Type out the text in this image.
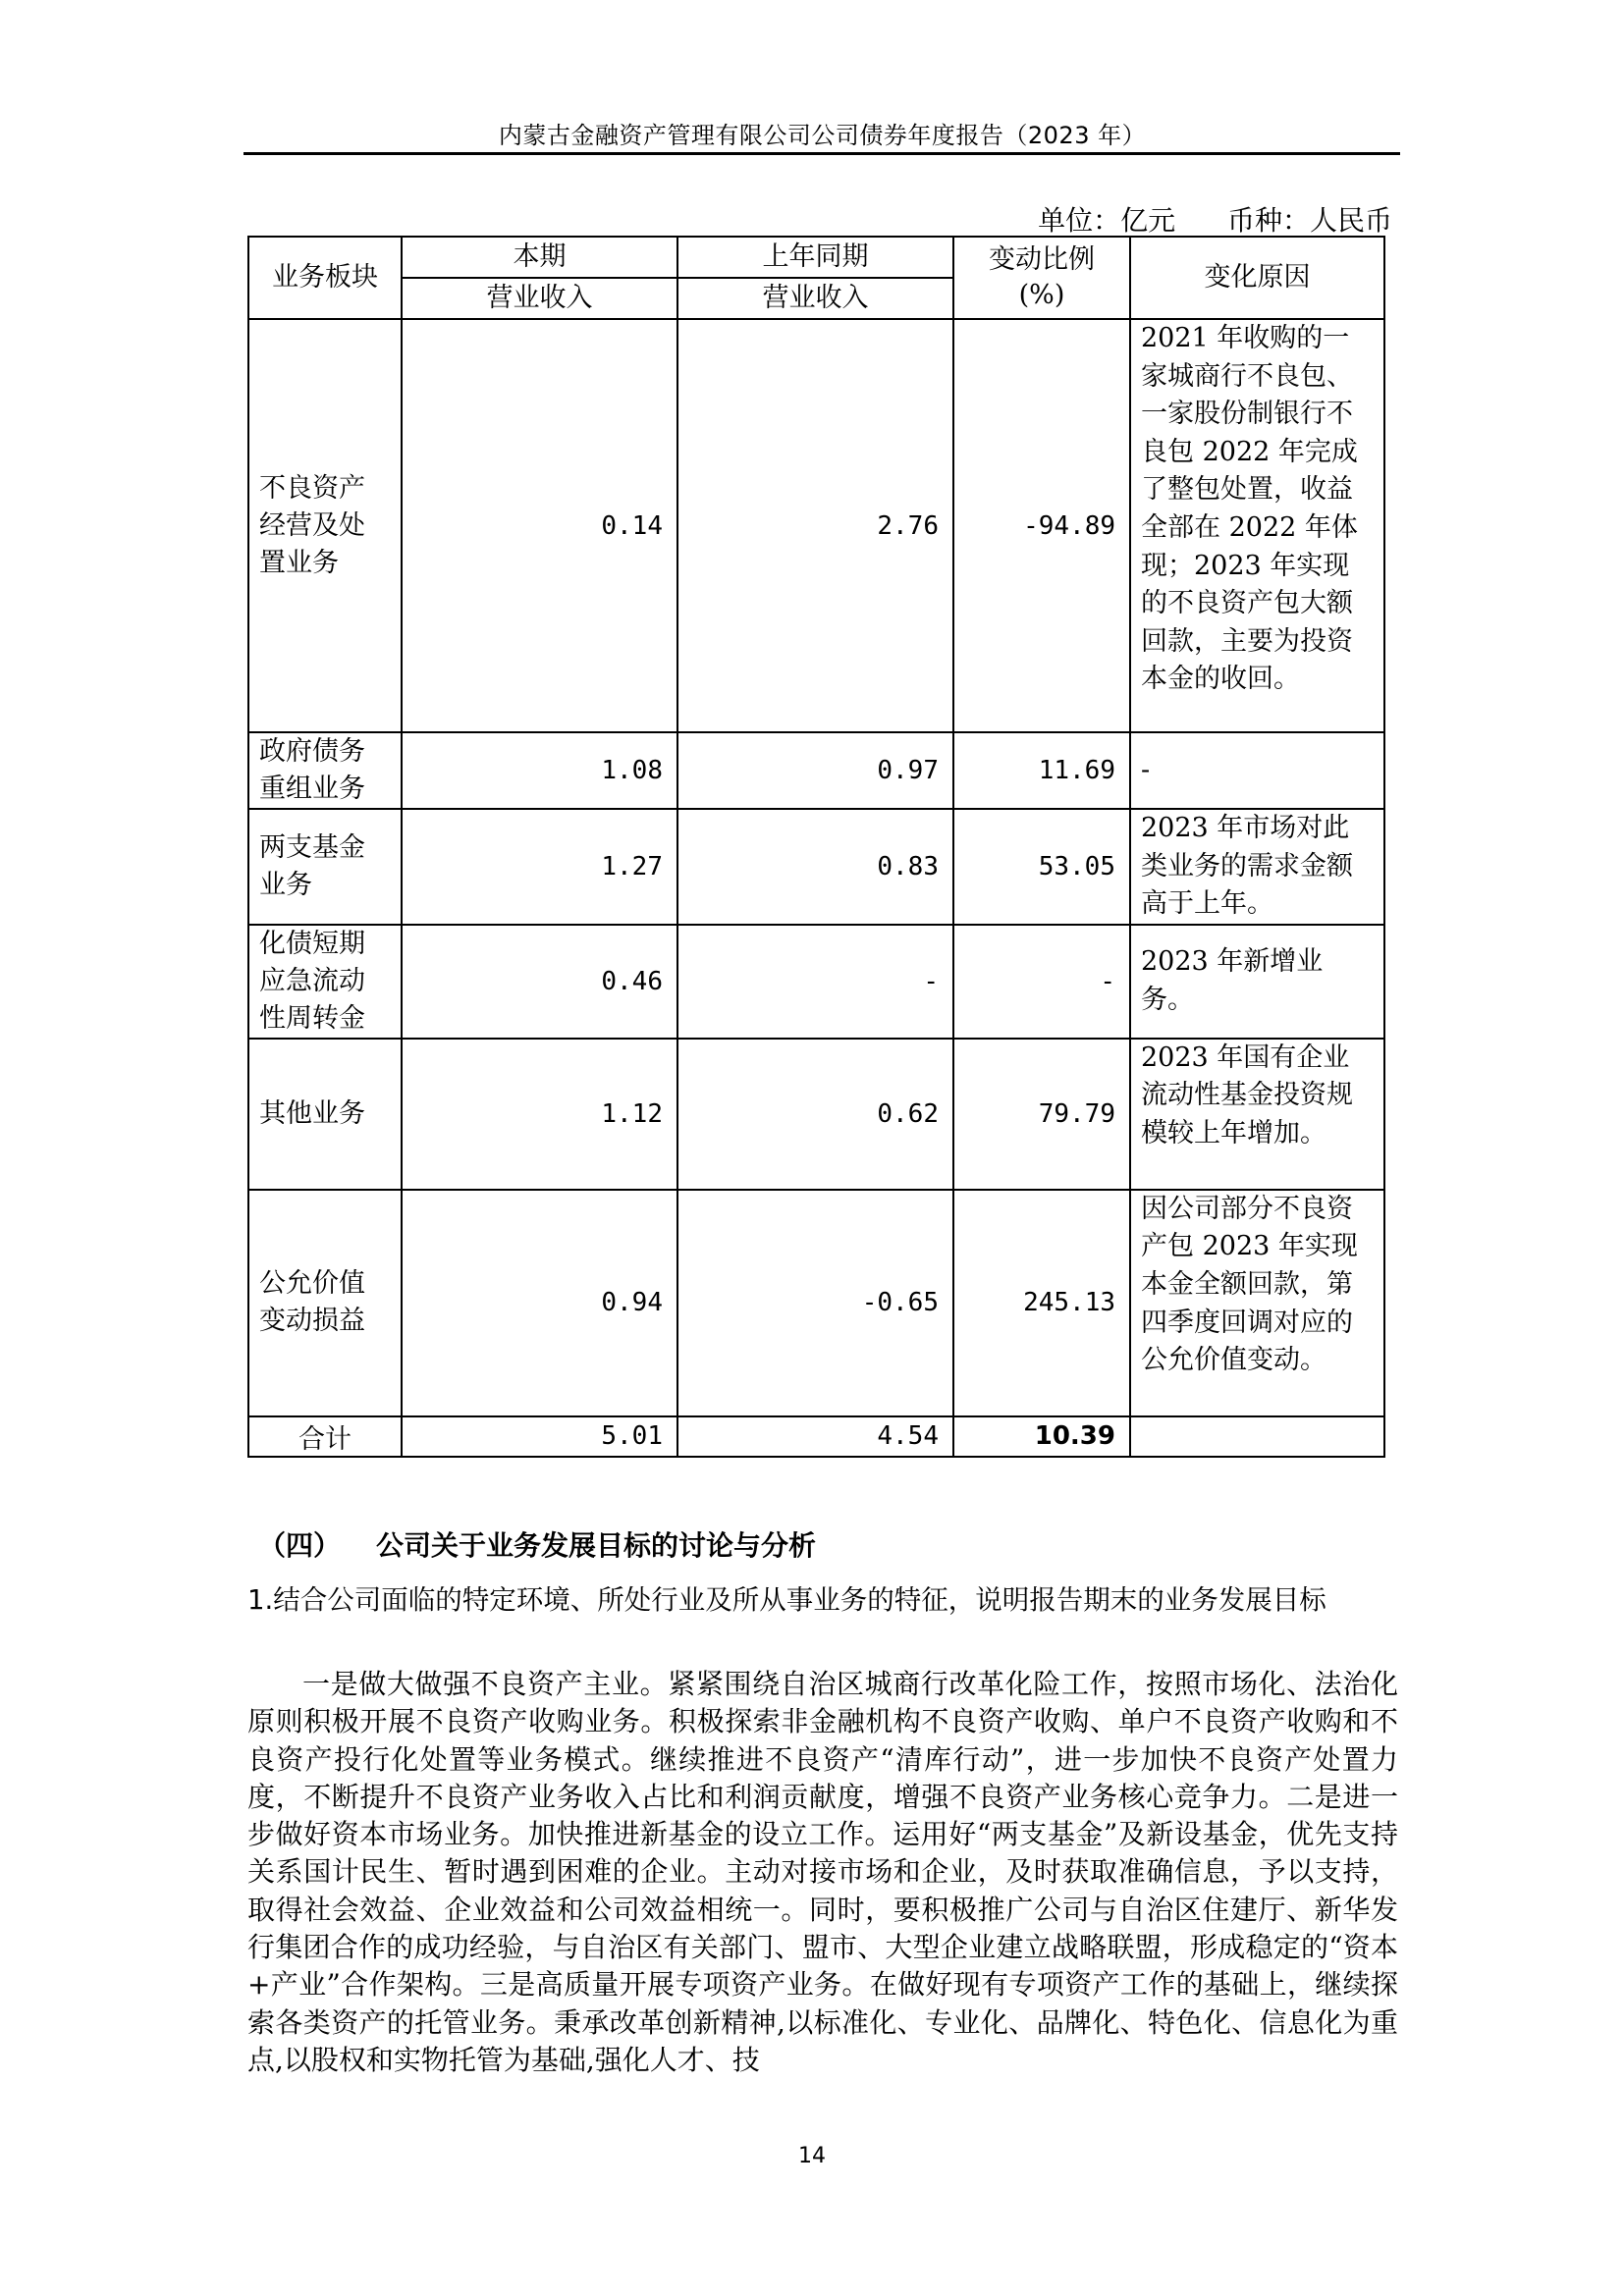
内蒙古金融资产管理有限公司公司债券年度报告（2023 年）
单位：亿元 币种：人民币
业务板块	本期	上年同期	变动比例(%)	变化原因
	营业收入	营业收入		
不良资产经营及处置业务	0.14	2.76	-94.89	2021 年收购的一家城商行不良包、一家股份制银行不良包 2022 年完成了整包处置，收益全部在 2022 年体现；2023 年实现的不良资产包大额回款，主要为投资本金的收回。
政府债务重组业务	1.08	0.97	11.69	-
两支基金业务	1.27	0.83	53.05	2023 年市场对此类业务的需求金额高于上年。
化债短期应急流动性周转金	0.46	-	-	2023 年新增业务。
其他业务	1.12	0.62	79.79	2023 年国有企业流动性基金投资规模较上年增加。
公允价值变动损益	0.94	-0.65	245.13	因公司部分不良资产包 2023 年实现本金全额回款，第四季度回调对应的公允价值变动。
合计	5.01	4.54	10.39	
（四） 公司关于业务发展目标的讨论与分析
1.结合公司面临的特定环境、所处行业及所从事业务的特征，说明报告期末的业务发展目标
一是做大做强不良资产主业。紧紧围绕自治区城商行改革化险工作，按照市场化、法治化原则积极开展不良资产收购业务。积极探索非金融机构不良资产收购、单户不良资产收购和不良资产投行化处置等业务模式。继续推进不良资产“清库行动”，进一步加快不良资产处置力度，不断提升不良资产业务收入占比和利润贡献度，增强不良资产业务核心竞争力。二是进一步做好资本市场业务。加快推进新基金的设立工作。运用好“两支基金”及新设基金，优先支持关系国计民生、暂时遇到困难的企业。主动对接市场和企业，及时获取准确信息，予以支持，取得社会效益、企业效益和公司效益相统一。同时，要积极推广公司与自治区住建厅、新华发行集团合作的成功经验，与自治区有关部门、盟市、大型企业建立战略联盟，形成稳定的“资本+产业”合作架构。三是高质量开展专项资产业务。在做好现有专项资产工作的基础上，继续探索各类资产的托管业务。秉承改革创新精神,以标准化、专业化、品牌化、特色化、信息化为重点,以股权和实物托管为基础,强化人才、技
14
